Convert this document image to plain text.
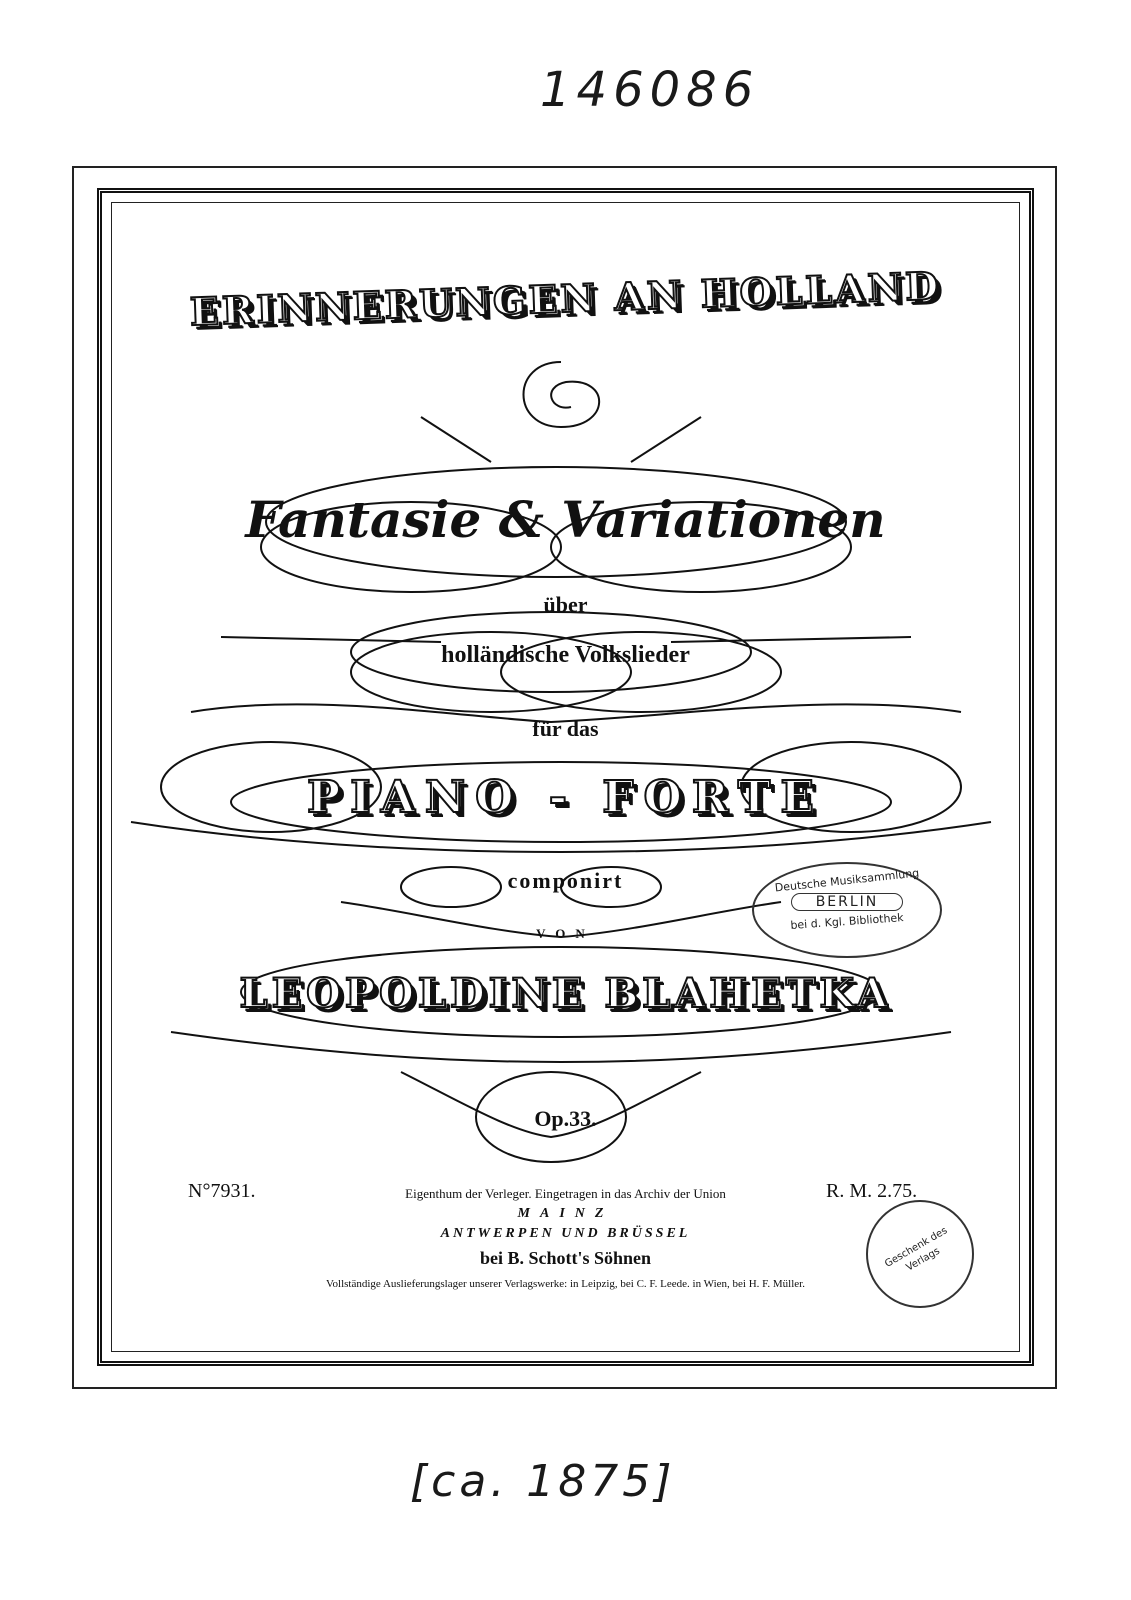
146086
ERINNERUNGEN AN HOLLAND
Fantasie & Variationen
über
holländische Volkslieder
für das
PIANO - FORTE
componirt
VON
LEOPOLDINE BLAHETKA
Op.33.
N°7931.	Eigenthum der Verleger. Eingetragen in das Archiv der Union	R. M. 2.75.
MAINZ
ANTWERPEN UND BRÜSSEL
bei B. Schott's Söhnen
Vollständige Auslieferungslager unserer Verlagswerke: in Leipzig, bei C. F. Leede. in Wien, bei H. F. Müller.
Deutsche Musiksammlung
BERLIN
bei d. Kgl. Bibliothek
Geschenk des Verlags
[ca. 1875]
